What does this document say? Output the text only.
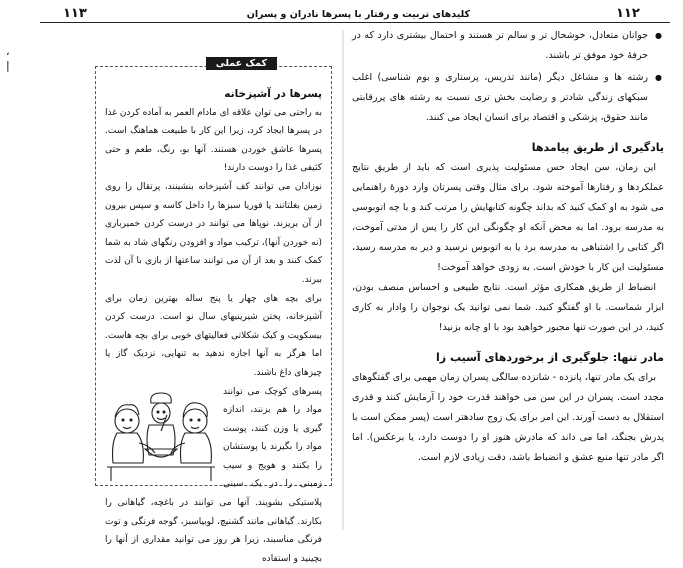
۱۱۳	۱۱۲
کلیدهای تربیت و رفتار با پسرها نادران و پسران
،
|
● جوانان متعادل، خوشحال تر و سالم تر هستند و احتمال بیشتری دارد که در حرفهٔ خود موفق تر باشند.
● رشته ها و مشاغل دیگر (مانند تدریس، پرستاری و بوم شناسی) اغلب سبکهای زندگی شادتر و رضایت بخش تری نسبت به رشته های پررقابتی مانند حقوق، پزشکی و اقتصاد برای انسان ایجاد می کنند.
یادگیری از طریق پیامدها

این زمان، سن ایجاد حس مسئولیت پذیری است که باید از طریق نتایج عملکردها و رفتارها آموخته شود. برای مثال وقتی پسرتان وارد دورهٔ راهنمایی می شود به او کمک کنید که بداند چگونه کتابهایش را مرتب کند و با چه اتوبوسی به مدرسه برود. اما به محض آنکه او چگونگی این کار را پس از مدتی آموخت، اگر کتابی را اشتباهی به مدرسه برد یا به اتوبوس نرسید و دیر به مدرسه رسید، مسئولیت این کار با خودش است. به زودی خواهد آموخت!

انضباط از طریق همکاری مؤثر است. نتایج طبیعی و احساس منصف بودن، ابزار شماست. با او گفتگو کنید. شما نمی توانید یک نوجوان را وادار به کاری کنید، در این صورت تنها مجبور خواهید بود با او چانه بزنید!

مادر تنها: جلوگیری از برخوردهای آسیب زا

برای یک مادر تنها، پانزده - شانزده سالگی پسران زمان مهمی برای گفتگوهای مجدد است. پسران در این سن می خواهند قدرت خود را آزمایش کنند و قدری استقلال به دست آورند. این امر برای یک زوج سادهتر است (پسر ممکن است با پدرش بجنگد، اما می داند که مادرش هنوز او را دوست دارد، یا برعکس). اما اگر مادر تنها منبع عشق و انضباط باشد، دقت زیادی لازم است.

کمک عملی
پسرها در آشپزخانه

به راحتی می توان علاقه ای مادام العمر به آماده کردن غذا در پسرها ایجاد کرد، زیرا این کار با طبیعت هماهنگ است. پسرها عاشق خوردن هستند. آنها بو، رنگ، طعم و حتی کثیفی غذا را دوست دارند!

نوزادان می توانند کف آشپزخانه بنشینند، پرتقال را روی زمین بغلتانند یا قوریا سبزها را داخل کاسه و سپس بیرون از آن بریزند. نوپاها می توانند در درست کردن خمیربازی (نه خوردن آنها)، ترکیب مواد و افزودن رنگهای شاد به شما کمک کنند و بعد از آن می توانند ساعتها از بازی با آن لذت ببرند.

برای بچه های چهار یا پنج ساله بهترین زمان برای آشپزخانه، پختن شیرینیهای سال نو است. درست کردن بیسکویت و کیک شکلاتی فعالیتهای خوبی برای بچه هاست. اما هرگز به آنها اجازه ندهید به تنهایی، نزدیک گاز یا چیزهای داغ باشند.

پسرهای کوچک می توانند مواد را هم بزنند، اندازه گیری یا وزن کنند، پوست مواد را بگیرند یا پوستشان را بکنند و هویج و سیب زمینی را در یک سینی پلاستیکی بشویند. آنها می توانند در باغچه، گیاهانی را بکارند. گیاهانی مانند گشنیچ، لوبیاسبز، گوجه فرنگی و توت فرنگی مناسبند، زیرا هر روز می توانید مقداری از آنها را بچینید و استفاده
